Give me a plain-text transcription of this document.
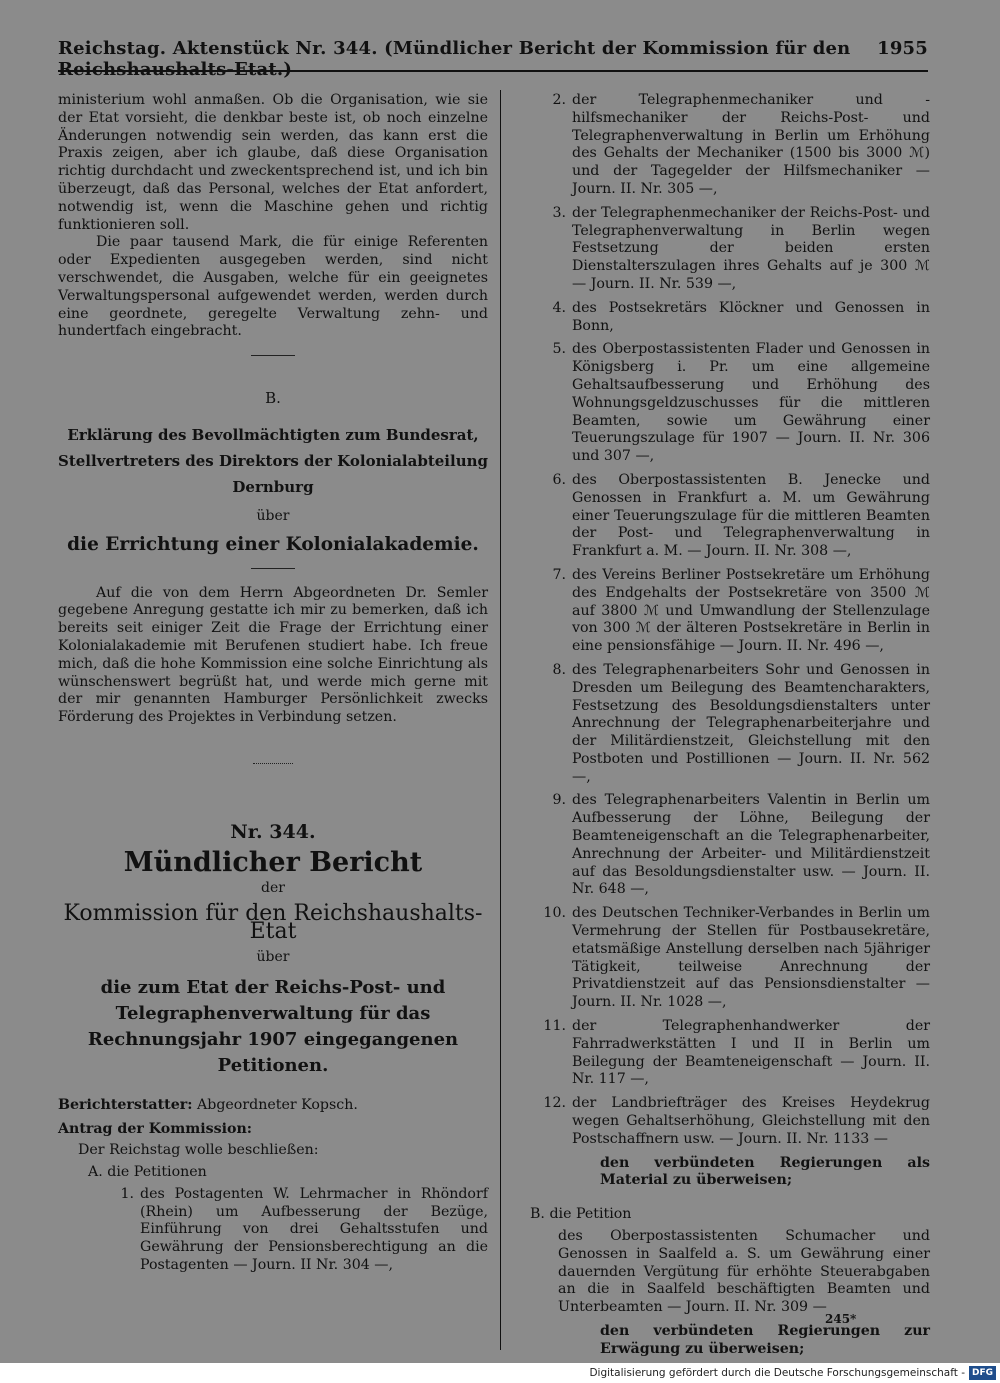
Reichstag. Aktenstück Nr. 344. (Mündlicher Bericht der Kommission für den Reichshaushalts-Etat.)
1955

ministerium wohl anmaßen. Ob die Organisation, wie sie der Etat vorsieht, die denkbar beste ist, ob noch einzelne Änderungen notwendig sein werden, das kann erst die Praxis zeigen, aber ich glaube, daß diese Organisation richtig durchdacht und zweckentsprechend ist, und ich bin überzeugt, daß das Personal, welches der Etat anfordert, notwendig ist, wenn die Maschine gehen und richtig funktionieren soll.

Die paar tausend Mark, die für einige Referenten oder Expedienten ausgegeben werden, sind nicht verschwendet, die Ausgaben, welche für ein geeignetes Verwaltungspersonal aufgewendet werden, werden durch eine geordnete, geregelte Verwaltung zehn- und hundertfach eingebracht.

B.
Erklärung des Bevollmächtigten zum Bundesrat, Stellvertreters des Direktors der Kolonialabteilung Dernburg
über
die Errichtung einer Kolonialakademie.

Auf die von dem Herrn Abgeordneten Dr. Semler gegebene Anregung gestatte ich mir zu bemerken, daß ich bereits seit einiger Zeit die Frage der Errichtung einer Kolonialakademie mit Berufenen studiert habe. Ich freue mich, daß die hohe Kommission eine solche Einrichtung als wünschenswert begrüßt hat, und werde mich gerne mit der mir genannten Hamburger Persönlichkeit zwecks Förderung des Projektes in Verbindung setzen.

Nr. 344.
Mündlicher Bericht
der
Kommission für den Reichshaushalts-Etat
über
die zum Etat der Reichs-Post- und Telegraphenverwaltung für das Rechnungsjahr 1907 eingegangenen Petitionen.
Berichterstatter: Abgeordneter Kopsch.
Antrag der Kommission:
Der Reichstag wolle beschließen:
A. die Petitionen
1. des Postagenten W. Lehrmacher in Rhöndorf (Rhein) um Aufbesserung der Bezüge, Einführung von drei Gehaltsstufen und Gewährung der Pensionsberechtigung an die Postagenten — Journ. II Nr. 304 —,
2. der Telegraphenmechaniker und -hilfsmechaniker der Reichs-Post- und Telegraphenverwaltung in Berlin um Erhöhung des Gehalts der Mechaniker (1500 bis 3000 ℳ) und der Tagegelder der Hilfsmechaniker — Journ. II. Nr. 305 —,
3. der Telegraphenmechaniker der Reichs-Post- und Telegraphenverwaltung in Berlin wegen Festsetzung der beiden ersten Dienstalterszulagen ihres Gehalts auf je 300 ℳ — Journ. II. Nr. 539 —,
4. des Postsekretärs Klöckner und Genossen in Bonn,
5. des Oberpostassistenten Flader und Genossen in Königsberg i. Pr. um eine allgemeine Gehaltsaufbesserung und Erhöhung des Wohnungsgeldzuschusses für die mittleren Beamten, sowie um Gewährung einer Teuerungszulage für 1907 — Journ. II. Nr. 306 und 307 —,
6. des Oberpostassistenten B. Jenecke und Genossen in Frankfurt a. M. um Gewährung einer Teuerungszulage für die mittleren Beamten der Post- und Telegraphenverwaltung in Frankfurt a. M. — Journ. II. Nr. 308 —,
7. des Vereins Berliner Postsekretäre um Erhöhung des Endgehalts der Postsekretäre von 3500 ℳ auf 3800 ℳ und Umwandlung der Stellenzulage von 300 ℳ der älteren Postsekretäre in Berlin in eine pensionsfähige — Journ. II. Nr. 496 —,
8. des Telegraphenarbeiters Sohr und Genossen in Dresden um Beilegung des Beamtencharakters, Festsetzung des Besoldungsdienstalters unter Anrechnung der Telegraphenarbeiterjahre und der Militärdienstzeit, Gleichstellung mit den Postboten und Postillionen — Journ. II. Nr. 562 —,
9. des Telegraphenarbeiters Valentin in Berlin um Aufbesserung der Löhne, Beilegung der Beamteneigenschaft an die Telegraphenarbeiter, Anrechnung der Arbeiter- und Militärdienstzeit auf das Besoldungsdienstalter usw. — Journ. II. Nr. 648 —,
10. des Deutschen Techniker-Verbandes in Berlin um Vermehrung der Stellen für Postbausekretäre, etatsmäßige Anstellung derselben nach 5jähriger Tätigkeit, teilweise Anrechnung der Privatdienstzeit auf das Pensionsdienstalter — Journ. II. Nr. 1028 —,
11. der Telegraphenhandwerker der Fahrradwerkstätten I und II in Berlin um Beilegung der Beamteneigenschaft — Journ. II. Nr. 117 —,
12. der Landbriefträger des Kreises Heydekrug wegen Gehaltserhöhung, Gleichstellung mit den Postschaffnern usw. — Journ. II. Nr. 1133 —

den verbündeten Regierungen als Material zu überweisen;

B. die Petition

des Oberpostassistenten Schumacher und Genossen in Saalfeld a. S. um Gewährung einer dauernden Vergütung für erhöhte Steuerabgaben an die in Saalfeld beschäftigten Beamten und Unterbeamten — Journ. II. Nr. 309 —

den verbündeten Regierungen zur Erwägung zu überweisen;

245*
Digitalisierung gefördert durch die Deutsche Forschungsgemeinschaft - DFG
